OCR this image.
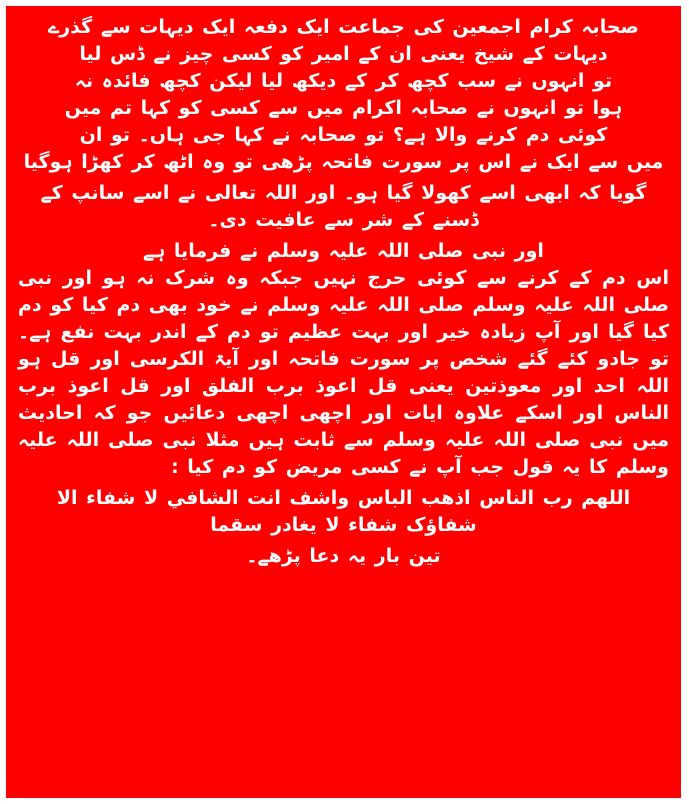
صحابہ کرام اجمعین کی جماعت ایک دفعہ ایک دیہات سے گذرے
دیہات کے شیخ یعنی ان کے امیر کو کسی چیز نے ڈس لیا
تو انہوں نے سب کچھ کر کے دیکھ لیا لیکن کچھ فائدہ نہ
ہوا تو انہوں نے صحابہ اکرام میں سے کسی کو کہا تم میں
کوئی دم کرنے والا ہے؟ تو صحابہ نے کہا جی ہاں۔ تو ان
میں سے ایک نے اس پر سورت فاتحہ پڑھی تو وہ اٹھ کر کھڑا ہوگیا

گویا کہ ابھی اسے کھولا گیا ہو۔ اور اللہ تعالی نے اسے سانپ کے ڈسنے کے شر سے عافیت دی۔

اور نبی صلی اللہ علیہ وسلم نے فرمایا ہے

اس دم کے کرنے سے کوئی حرج نہیں جبکہ وہ شرک نہ ہو اور نبی صلی اللہ علیہ وسلم صلی اللہ علیہ وسلم نے خود بھی دم کیا کو دم کیا گیا اور آپ زیادہ خیر اور بہت عظیم تو دم کے اندر بہت نفع ہے۔ تو جادو کئے گئے شخص پر سورت فاتحہ اور آیۃ الکرسی اور قل ہو اللہ احد اور معوذتین یعنی قل اعوذ برب الفلق اور قل اعوذ برب الناس اور اسکے علاوہ ایات اور اچھی اچھی دعائیں جو کہ احادیث میں نبی صلی اللہ علیہ وسلم سے ثابت ہیں مثلا نبی صلی اللہ علیہ وسلم کا یہ قول جب آپ نے کسی مریض کو دم کیا :

اللھم رب الناس اذھب الباس واشف انت الشافي لا شفاء الا شفاؤک شفاء لا يغادر سقما

تین بار یہ دعا پڑھے۔
